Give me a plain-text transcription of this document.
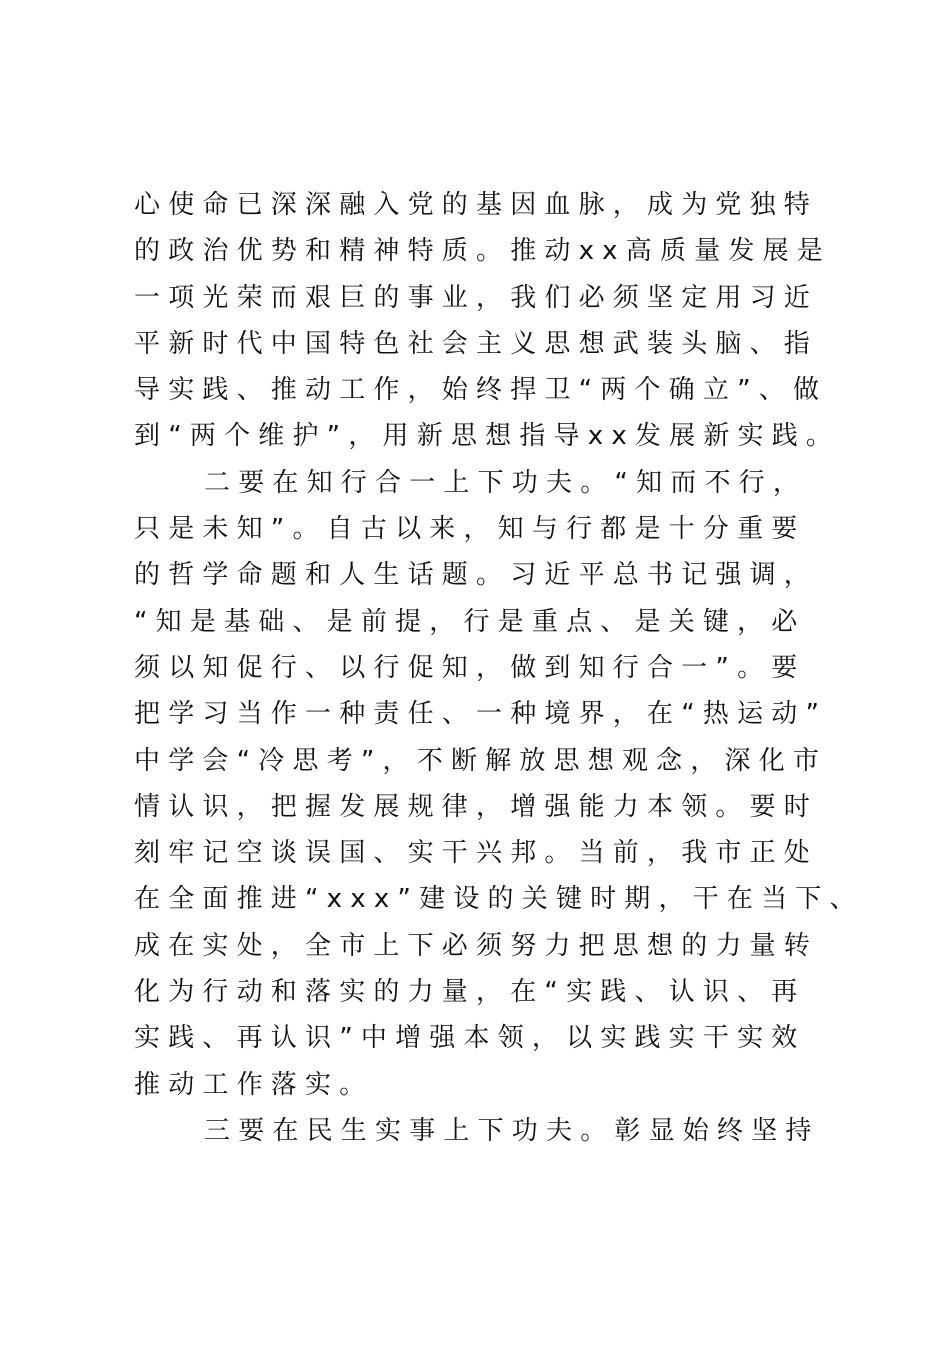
心使命已深深融入党的基因血脉，成为党独特
的政治优势和精神特质。推动xx高质量发展是
一项光荣而艰巨的事业，我们必须坚定用习近
平新时代中国特色社会主义思想武装头脑、指
导实践、推动工作，始终捍卫“两个确立”、做
到“两个维护”，用新思想指导xx发展新实践。
二要在知行合一上下功夫。“知而不行，
只是未知”。自古以来，知与行都是十分重要
的哲学命题和人生话题。习近平总书记强调，
“知是基础、是前提，行是重点、是关键，必
须以知促行、以行促知，做到知行合一”。要
把学习当作一种责任、一种境界，在“热运动”
中学会“冷思考”，不断解放思想观念，深化市
情认识，把握发展规律，增强能力本领。要时
刻牢记空谈误国、实干兴邦。当前，我市正处
在全面推进“xxx”建设的关键时期，干在当下、
成在实处，全市上下必须努力把思想的力量转
化为行动和落实的力量，在“实践、认识、再
实践、再认识”中增强本领，以实践实干实效
推动工作落实。
三要在民生实事上下功夫。彰显始终坚持
